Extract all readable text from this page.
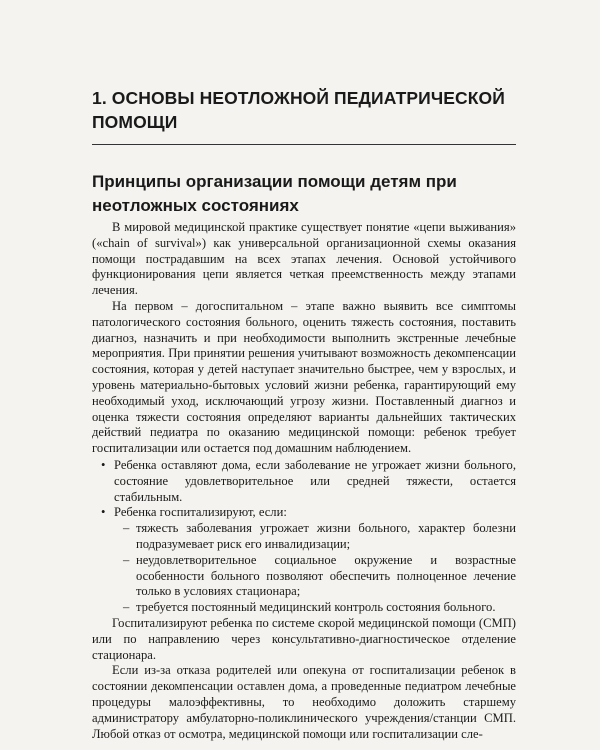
1. ОСНОВЫ НЕОТЛОЖНОЙ ПЕДИАТРИЧЕСКОЙ ПОМОЩИ
Принципы организации помощи детям при неотложных состояниях

В мировой медицинской практике существует понятие «цепи выживания» («chain of survival») как универсальной организационной схемы оказания помощи пострадавшим на всех этапах лечения. Основой устойчивого функционирования цепи является четкая преемственность между этапами лечения.

На первом – догоспитальном – этапе важно выявить все симптомы патологического состояния больного, оценить тяжесть состояния, поставить диагноз, назначить и при необходимости выполнить экстренные лечебные мероприятия. При принятии решения учитывают возможность декомпенсации состояния, которая у детей наступает значительно быстрее, чем у взрослых, и уровень материально-бытовых условий жизни ребенка, гарантирующий ему необходимый уход, исключающий угрозу жизни. Поставленный диагноз и оценка тяжести состояния определяют варианты дальнейших тактических действий педиатра по оказанию медицинской помощи: ребенок требует госпитализации или остается под домашним наблюдением.

• Ребенка оставляют дома, если заболевание не угрожает жизни больного, состояние удовлетворительное или средней тяжести, остается стабильным.
• Ребенка госпитализируют, если:
– тяжесть заболевания угрожает жизни больного, характер болезни подразумевает риск его инвалидизации;
– неудовлетворительное социальное окружение и возрастные особенности больного позволяют обеспечить полноценное лечение только в условиях стационара;
– требуется постоянный медицинский контроль состояния больного.

Госпитализируют ребенка по системе скорой медицинской помощи (СМП) или по направлению через консультативно-диагностическое отделение стационара.

Если из-за отказа родителей или опекуна от госпитализации ребенок в состоянии декомпенсации оставлен дома, а проведенные педиатром лечебные процедуры малоэффективны, то необходимо доложить старшему администратору амбулаторно-поликлинического учреждения/станции СМП. Любой отказ от осмотра, медицинской помощи или госпитализации сле-
